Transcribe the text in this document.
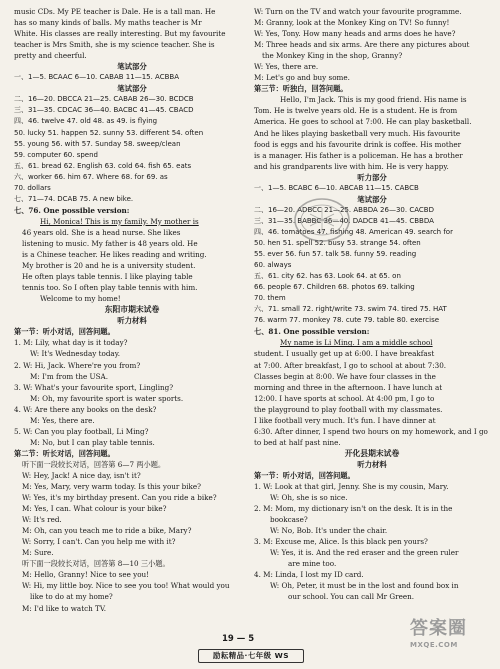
music CDs. My PE teacher is Dale. He is a tall man. He
has so many kinds of balls. My maths teacher is Mr
White. His classes are really interesting. But my favourite
teacher is Mrs Smith, she is my science teacher. She is
pretty and cheerful.
笔试部分
一、1—5. BCAAC 6—10. CABAB 11—15. ACBBA
笔试部分
二、16—20. DBCCA 21—25. CABAB 26—30. BCDCB
三、31—35. CDCAC 36—40. BACBC 41—45. CBACD
四、46. twelve 47. old 48. as 49. is flying
50. lucky 51. happen 52. sunny 53. different 54. often
55. young 56. with 57. Sunday 58. sweep/clean
59. computer 60. spend
五、61. bread 62. English 63. cold 64. fish 65. eats
六、worker 66. him 67. Where 68. for 69. as
70. dollars
七、71—74. DCAB 75. A new bike.
七、76. One possible version:
Hi, Monica! This is my family. My mother is
46 years old. She is a head nurse. She likes
listening to music. My father is 48 years old. He
is a Chinese teacher. He likes reading and writing.
My brother is 20 and he is a university student.
He often plays table tennis. I like playing table
tennis too. So I often play table tennis with him.
Welcome to my home!
东阳市期末试卷
听力材料
第一节：听小对话，回答问题。
1. M: Lily, what day is it today?
W: It's Wednesday today.
2. W: Hi, Jack. Where're you from?
M: I'm from the USA.
3. W: What's your favourite sport, Lingling?
M: Oh, my favourite sport is water sports.
4. W: Are there any books on the desk?
M: Yes, there are.
5. W: Can you play football, Li Ming?
M: No, but I can play table tennis.
第二节：听长对话，回答问题。
听下面一段较长对话，回答第 6—7 两小题。
W: Hey, Jack! A nice day, isn't it?
M: Yes, Mary, very warm today. Is this your bike?
W: Yes, it's my birthday present. Can you ride a bike?
M: Yes, I can. What colour is your bike?
W: It's red.
M: Oh, can you teach me to ride a bike, Mary?
W: Sorry, I can't. Can you help me with it?
M: Sure.
听下面一段较长对话，回答第 8—10 三小题。
M: Hello, Granny! Nice to see you!
W: Hi, my little boy. Nice to see you too! What would you
like to do at my home?
M: I'd like to watch TV.
W: Turn on the TV and watch your favourite programme.
M: Granny, look at the Monkey King on TV! So funny!
W: Yes, Tony. How many heads and arms does he have?
M: Three heads and six arms. Are there any pictures about
the Monkey King in the shop, Granny?
W: Yes, there are.
M: Let's go and buy some.
第三节：听独白，回答问题。
Hello, I'm Jack. This is my good friend. His name is
Tom. He is twelve years old. He is a student. He is from
America. He goes to school at 7:00. He can play basketball.
And he likes playing basketball very much. His favourite
food is eggs and his favourite drink is coffee. His mother
is a manager. His father is a policeman. He has a brother
and his grandparents live with him. He is very happy.
听力部分
一、1—5. BCABC 6—10. ABCAB 11—15. CABCB
笔试部分
二、16—20. ADBCC 21—25. ABBDA 26—30. CACBD
三、31—35. BABBC 36—40. DADCB 41—45. CBBDA
四、46. tomatoes 47. fishing 48. American 49. search for
50. hen 51. spell 52. busy 53. strange 54. often
55. ever 56. fun 57. talk 58. funny 59. reading
60. always
五、61. city 62. has 63. Look 64. at 65. on
66. people 67. Children 68. photos 69. talking
70. them
六、71. small 72. right/write 73. swim 74. tired 75. HAT
76. warm 77. monkey 78. cute 79. table 80. exercise
七、81. One possible version:
My name is Li Ming. I am a middle school
student. I usually get up at 6:00. I have breakfast
at 7:00. After breakfast, I go to school at about 7:30.
Classes begin at 8:00. We have four classes in the
morning and three in the afternoon. I have lunch at
12:00. I have sports at school. At 4:00 pm, I go to
the playground to play football with my classmates.
I like football very much. It's fun. I have dinner at
6:30. After dinner, I spend two hours on my homework, and I go
to bed at half past nine.
开化县期末试卷
听力材料
第一节：听小对话，回答问题。
1. W: Look at that girl, Jenny. She is my cousin, Mary.
W: Oh, she is so nice.
2. M: Mom, my dictionary isn't on the desk. It is in the
bookcase?
W: No, Bob. It's under the chair.
3. M: Excuse me, Alice. Is this black pen yours?
W: Yes, it is. And the red eraser and the green ruler
are mine too.
4. M: Linda, I lost my ID card.
W: Oh, Peter, it must be in the lost and found box in
our school. You can call Mr Green.
19 — 5
励耘精品·七年级 WS
答案圈
MXQE.COM
